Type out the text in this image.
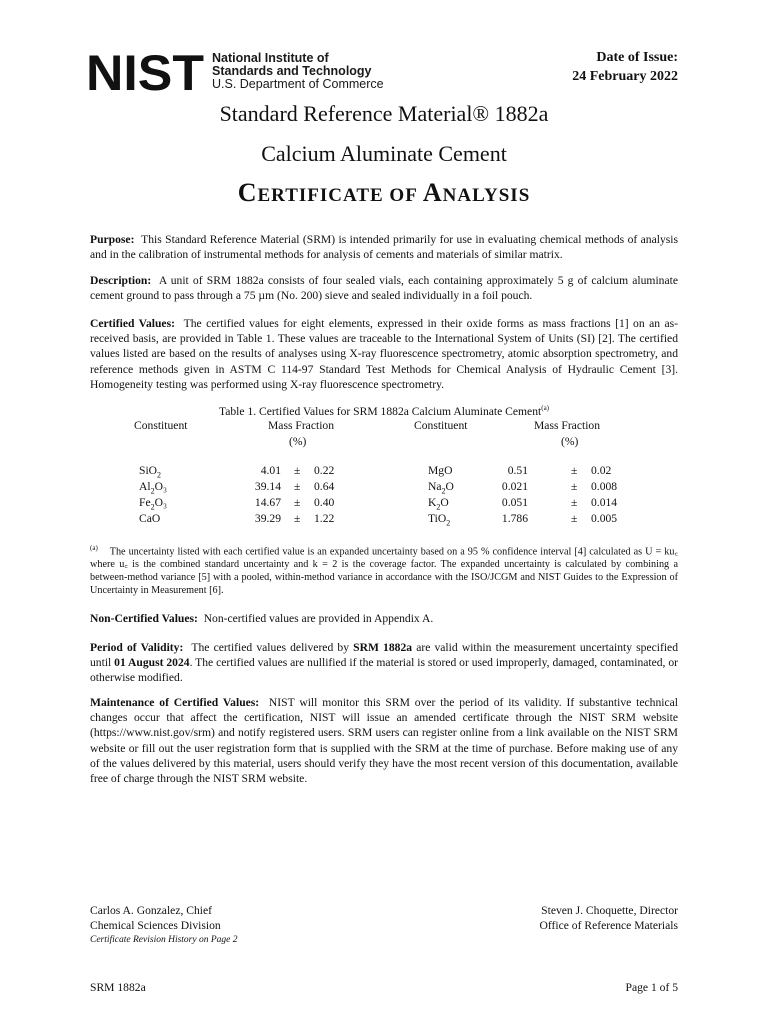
NIST National Institute of
Standards and Technology
U.S. Department of Commerce
Date of Issue:
24 February 2022
Standard Reference Material® 1882a
Calcium Aluminate Cement
CERTIFICATE OF ANALYSIS
Purpose: This Standard Reference Material (SRM) is intended primarily for use in evaluating chemical methods of analysis and in the calibration of instrumental methods for analysis of cements and materials of similar matrix.
Description: A unit of SRM 1882a consists of four sealed vials, each containing approximately 5 g of calcium aluminate cement ground to pass through a 75 µm (No. 200) sieve and sealed individually in a foil pouch.
Certified Values: The certified values for eight elements, expressed in their oxide forms as mass fractions [1] on an as-received basis, are provided in Table 1. These values are traceable to the International System of Units (SI) [2]. The certified values listed are based on the results of analyses using X-ray fluorescence spectrometry, atomic absorption spectrometry, and reference methods given in ASTM C 114-97 Standard Test Methods for Chemical Analysis of Hydraulic Cement [3]. Homogeneity testing was performed using X-ray fluorescence spectrometry.
Table 1. Certified Values for SRM 1882a Calcium Aluminate Cement$^{(a)}$
Constituent	Mass Fraction
(%)
Constituent	Mass Fraction
(%)
SiO$_2$	4.01 ± 0.22
$Al_2O_3$	39.14 ± 0.64
$Fe_2O_3$	14.67 ± 0.40
CaO	39.29 ± 1.22
MgO	0.51	± 0.02
$Na_2O$	0.021	± 0.008
$K_2O$	0.051	± 0.014
TiO$_2$	1.786	± 0.005
$^{(a)}$ The uncertainty listed with each certified value is an expanded uncertainty based on a 95 % confidence interval [4] calculated as U = ku꜀ where u꜀ is the combined standard uncertainty and k = 2 is the coverage factor. The expanded uncertainty is calculated by combining a between-method variance [5] with a pooled, within-method variance in accordance with the ISO/JCGM and NIST Guides to the Expression of Uncertainty in Measurement [6].
Non-Certified Values: Non-certified values are provided in Appendix A.
Period of Validity: The certified values delivered by SRM 1882a are valid within the measurement uncertainty specified until 01 August 2024. The certified values are nullified if the material is stored or used improperly, damaged, contaminated, or otherwise modified.
Maintenance of Certified Values: NIST will monitor this SRM over the period of its validity. If substantive technical changes occur that affect the certification, NIST will issue an amended certificate through the NIST SRM website (https://www.nist.gov/srm) and notify registered users. SRM users can register online from a link available on the NIST SRM website or fill out the user registration form that is supplied with the SRM at the time of purchase. Before making use of any of the values delivered by this material, users should verify they have the most recent version of this documentation, available free of charge through the NIST SRM website.
Carlos A. Gonzalez, Chief
Chemical Sciences Division
Certificate Revision History on Page 2
Steven J. Choquette, Director
Office of Reference Materials
SRM 1882a	Page 1 of 5
